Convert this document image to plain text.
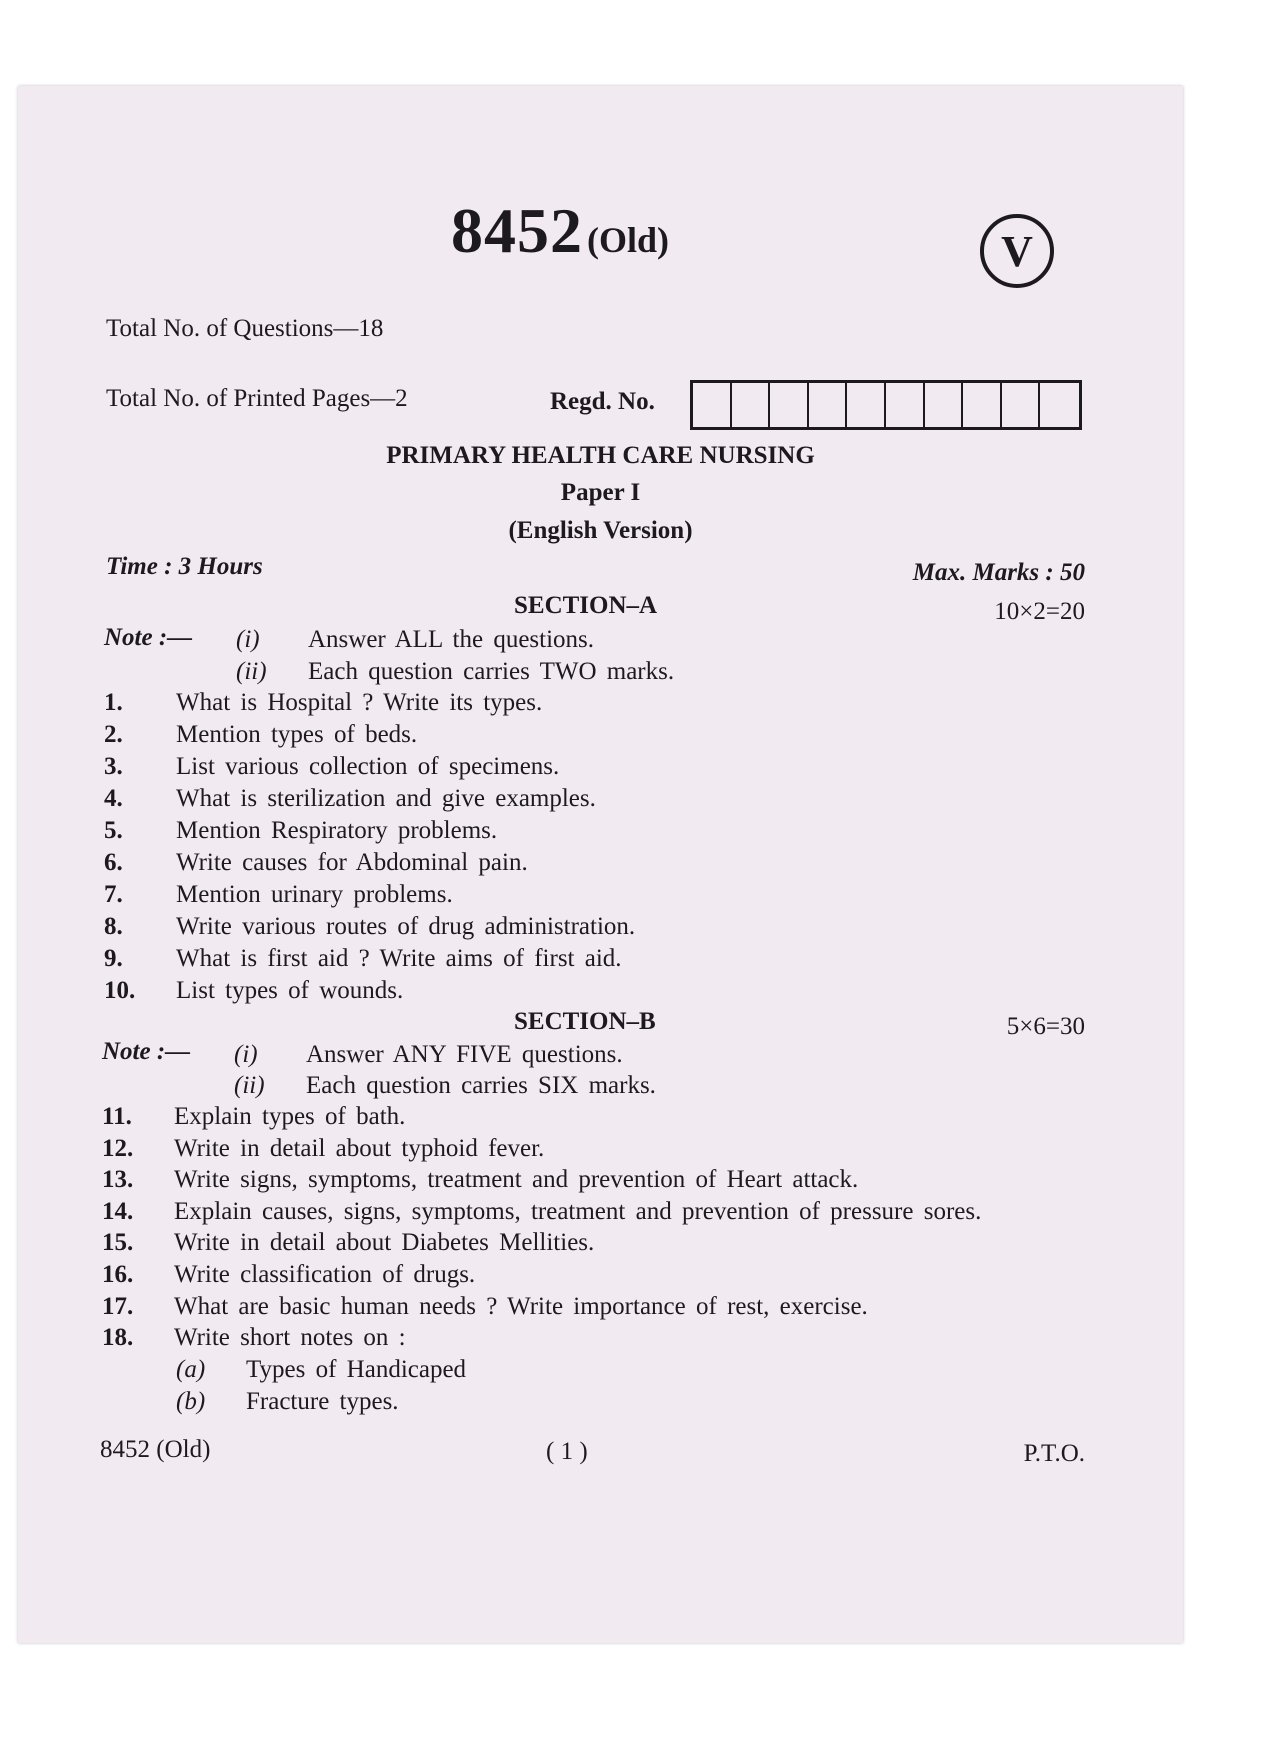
8452 (Old)	V
Total No. of Questions—18
Total No. of Printed Pages—2	Regd. No.
PRIMARY HEALTH CARE NURSING
Paper I
(English Version)
Time : 3 Hours	Max. Marks : 50
SECTION–A	10×2=20
Note :— (i) Answer ALL the questions.
(ii) Each question carries TWO marks.
1. What is Hospital ? Write its types.
2. Mention types of beds.
3. List various collection of specimens.
4. What is sterilization and give examples.
5. Mention Respiratory problems.
6. Write causes for Abdominal pain.
7. Mention urinary problems.
8. Write various routes of drug administration.
9. What is first aid ? Write aims of first aid.
10. List types of wounds.
SECTION–B	5×6=30
Note :— (i) Answer ANY FIVE questions.
(ii) Each question carries SIX marks.
11. Explain types of bath.
12. Write in detail about typhoid fever.
13. Write signs, symptoms, treatment and prevention of Heart attack.
14. Explain causes, signs, symptoms, treatment and prevention of pressure sores.
15. Write in detail about Diabetes Mellities.
16. Write classification of drugs.
17. What are basic human needs ? Write importance of rest, exercise.
18. Write short notes on :
(a) Types of Handicaped
(b) Fracture types.
8452 (Old)	( 1 )	P.T.O.
